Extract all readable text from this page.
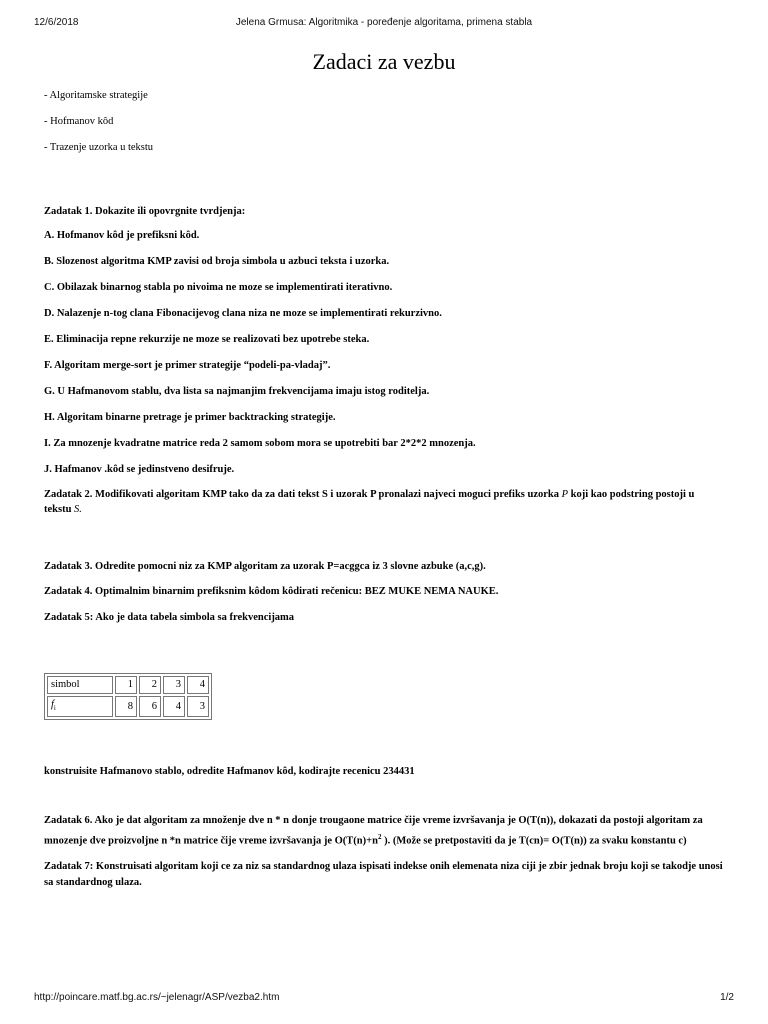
12/6/2018	Jelena Grmusa: Algoritmika - poređenje algoritama, primena stabla
Zadaci za vezbu
- Algoritamske strategije
- Hofmanov kôd
- Trazenje uzorka u tekstu
Zadatak 1. Dokazite ili opovrgnite tvrdjenja:
A. Hofmanov kôd je prefiksni kôd.
B. Slozenost algoritma KMP zavisi od broja simbola u azbuci teksta i uzorka.
C. Obilazak binarnog stabla po nivoima ne moze se implementirati iterativno.
D. Nalazenje n-tog clana Fibonacijevog clana niza ne moze se implementirati rekurzivno.
E. Eliminacija repne rekurzije ne moze se realizovati bez upotrebe steka.
F. Algoritam merge-sort je primer strategije “podeli-pa-vladaj”.
G. U Hafmanovom stablu, dva lista sa najmanjim frekvencijama imaju istog roditelja.
H. Algoritam binarne pretrage je primer backtracking strategije.
I. Za mnozenje kvadratne matrice reda 2 samom sobom mora se upotrebiti bar 2*2*2 mnozenja.
J. Hafmanov .kôd se jedinstveno desifruje.
Zadatak 2. Modifikovati algoritam KMP tako da za dati tekst S i uzorak P pronalazi najveci moguci prefiks uzorka P koji kao podstring postoji u tekstu S.
Zadatak 3. Odredite pomocni niz za KMP algoritam za uzorak P=acggca iz 3 slovne azbuke (a,c,g).
Zadatak 4. Optimalnim binarnim prefiksnim kôdom kôdirati rečenicu: BEZ MUKE NEMA NAUKE.
Zadatak 5: Ako je data tabela simbola sa frekvencijama
simbol	1	2	3	4
$f_i$	8	6	4	3
konstruisite Hafmanovo stablo, odredite Hafmanov kôd, kodirajte recenicu 234431
Zadatak 6. Ako je dat algoritam za množenje dve n * n donje trougaone matrice čije vreme izvršavanja je O(T(n)), dokazati da postoji algoritam za mnozenje dve proizvoljne n *n matrice čije vreme izvršavanja je $O(T(n)+n^2$ ). (Može se pretpostaviti da je T(cn)= O(T(n)) za svaku konstantu c)
Zadatak 7: Konstruisati algoritam koji ce za niz sa standardnog ulaza ispisati indekse onih elemenata niza ciji je zbir jednak broju koji se takodje unosi sa standardnog ulaza.
http://poincare.matf.bg.ac.rs/~jelenagr/ASP/vezba2.htm	1/2
